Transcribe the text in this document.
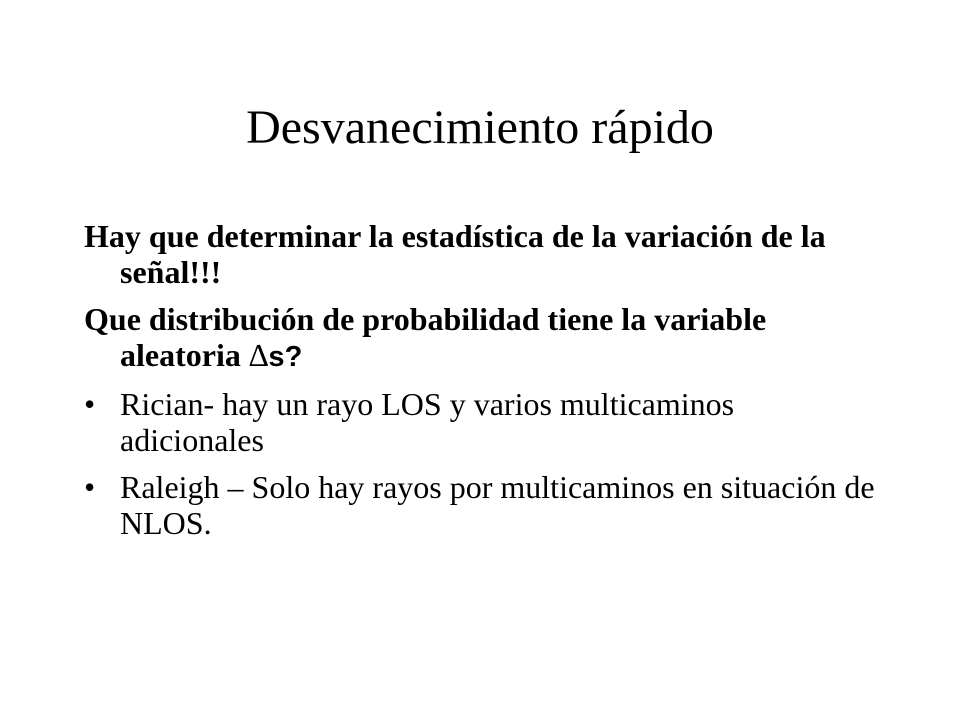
Desvanecimiento rápido

Hay que determinar la estadística de la variación de la señal!!!

Que distribución de probabilidad tiene la variable aleatoria ∆s?

• Rician- hay un rayo LOS y varios multicaminos adicionales
• Raleigh – Solo hay rayos por multicaminos en situación de NLOS.
